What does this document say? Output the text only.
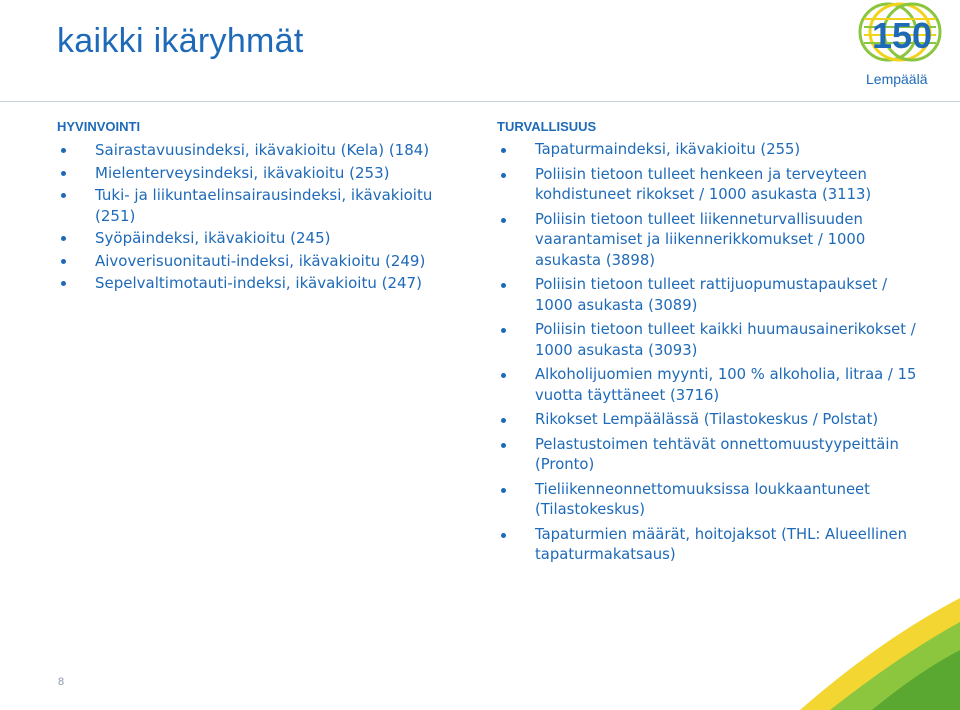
kaikki ikäryhmät	150
Lempäälä
HYVINVOINTI
Sairastavuusindeksi, ikävakioitu (Kela) (184)
Mielenterveysindeksi, ikävakioitu (253)
Tuki- ja liikuntaelinsairausindeksi, ikävakioitu (251)
Syöpäindeksi, ikävakioitu (245)
Aivoverisuonitauti-indeksi, ikävakioitu (249)
Sepelvaltimotauti-indeksi, ikävakioitu (247)
TURVALLISUUS
Tapaturmaindeksi, ikävakioitu (255)
Poliisin tietoon tulleet henkeen ja terveyteen kohdistuneet rikokset / 1000 asukasta (3113)
Poliisin tietoon tulleet liikenneturvallisuuden vaarantamiset ja liikennerikkomukset / 1000 asukasta (3898)
Poliisin tietoon tulleet rattijuopumustapaukset / 1000 asukasta (3089)
Poliisin tietoon tulleet kaikki huumausainerikokset / 1000 asukasta (3093)
Alkoholijuomien myynti, 100 % alkoholia, litraa / 15 vuotta täyttäneet (3716)
Rikokset Lempäälässä (Tilastokeskus / Polstat)
Pelastustoimen tehtävät onnettomuustyypeittäin (Pronto)
Tieliikenneonnettomuuksissa loukkaantuneet (Tilastokeskus)
Tapaturmien määrät, hoitojaksot (THL: Alueellinen tapaturmakatsaus)
8
